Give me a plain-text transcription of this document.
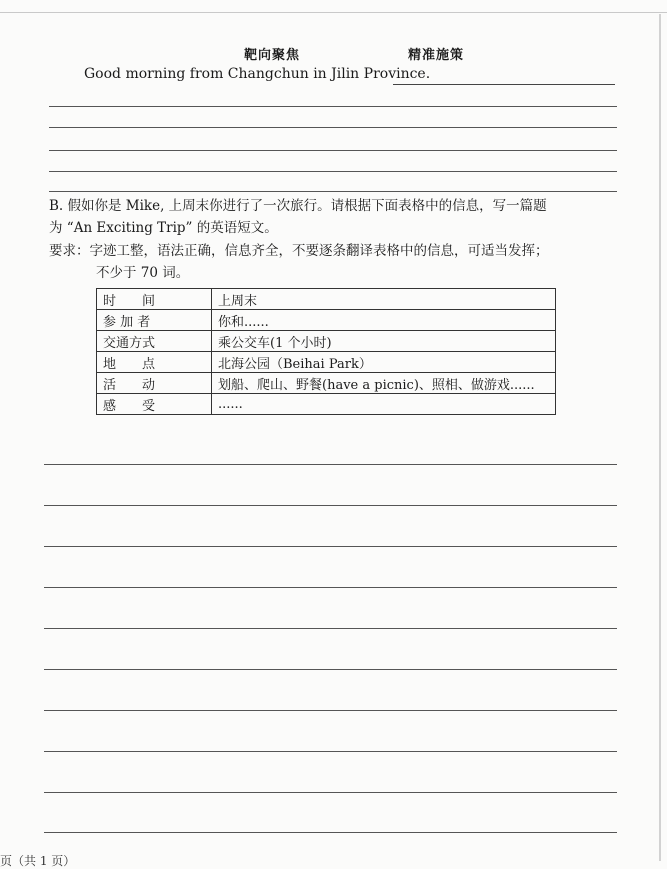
靶向聚焦	精准施策
Good morning from Changchun in Jilin Province.
B. 假如你是 Mike, 上周末你进行了一次旅行。请根据下面表格中的信息，写一篇题
为 “An Exciting Trip” 的英语短文。
要求：字迹工整，语法正确，信息齐全，不要逐条翻译表格中的信息，可适当发挥；
不少于 70 词。
时　　间	上周末
参 加 者	你和......
交通方式	乘公交车(1 个小时)
地　　点	北海公园（Beihai Park）
活　　动	划船、爬山、野餐(have a picnic)、照相、做游戏......
感　　受	......
页（共 1 页）
